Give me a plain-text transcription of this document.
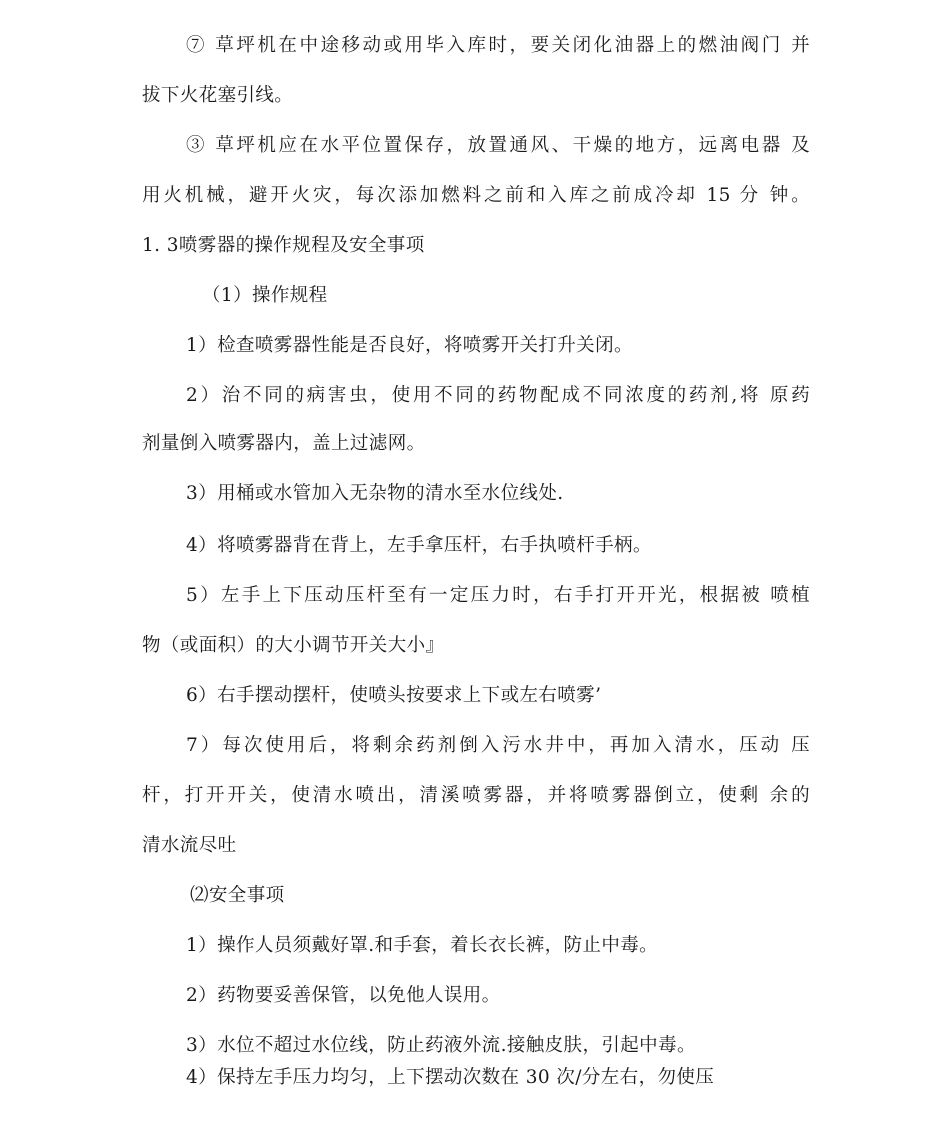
⑦ 草坪机在中途移动或用毕入库时，要关闭化油器上的燃油阀门 并
拔下火花塞引线。
③ 草坪机应在水平位置保存，放置通风、干燥的地方，远离电器 及
用火机械，避开火灾，每次添加燃料之前和入库之前成冷却 15 分 钟。
1. 3喷雾器的操作规程及安全事项
（1）操作规程
1）检查喷雾器性能是否良好，将喷雾开关打升关闭。
2）治不同的病害虫，使用不同的药物配成不同浓度的药剂,将 原药
剂量倒入喷雾器内，盖上过滤网。
3）用桶或水管加入无杂物的清水至水位线处.
4）将喷雾器背在背上，左手拿压杆，右手执喷杆手柄。
5）左手上下压动压杆至有一定压力时，右手打开开光，根据被 喷植
物（或面积）的大小调节开关大小』
6）右手摆动摆杆，使喷头按要求上下或左右喷雾’
7）每次使用后，将剩余药剂倒入污水井中，再加入清水，压动 压
杆，打开开关，使清水喷出，清溪喷雾器，并将喷雾器倒立，使剩 余的
清水流尽吐
⑵安全事项
1）操作人员须戴好罩.和手套，着长衣长裤，防止中毒。
2）药物要妥善保管，以免他人误用。
3）水位不超过水位线，防止药液外流.接触皮肤，引起中毒。
4）保持左手压力均匀，上下摆动次数在 30 次/分左右，勿使压
